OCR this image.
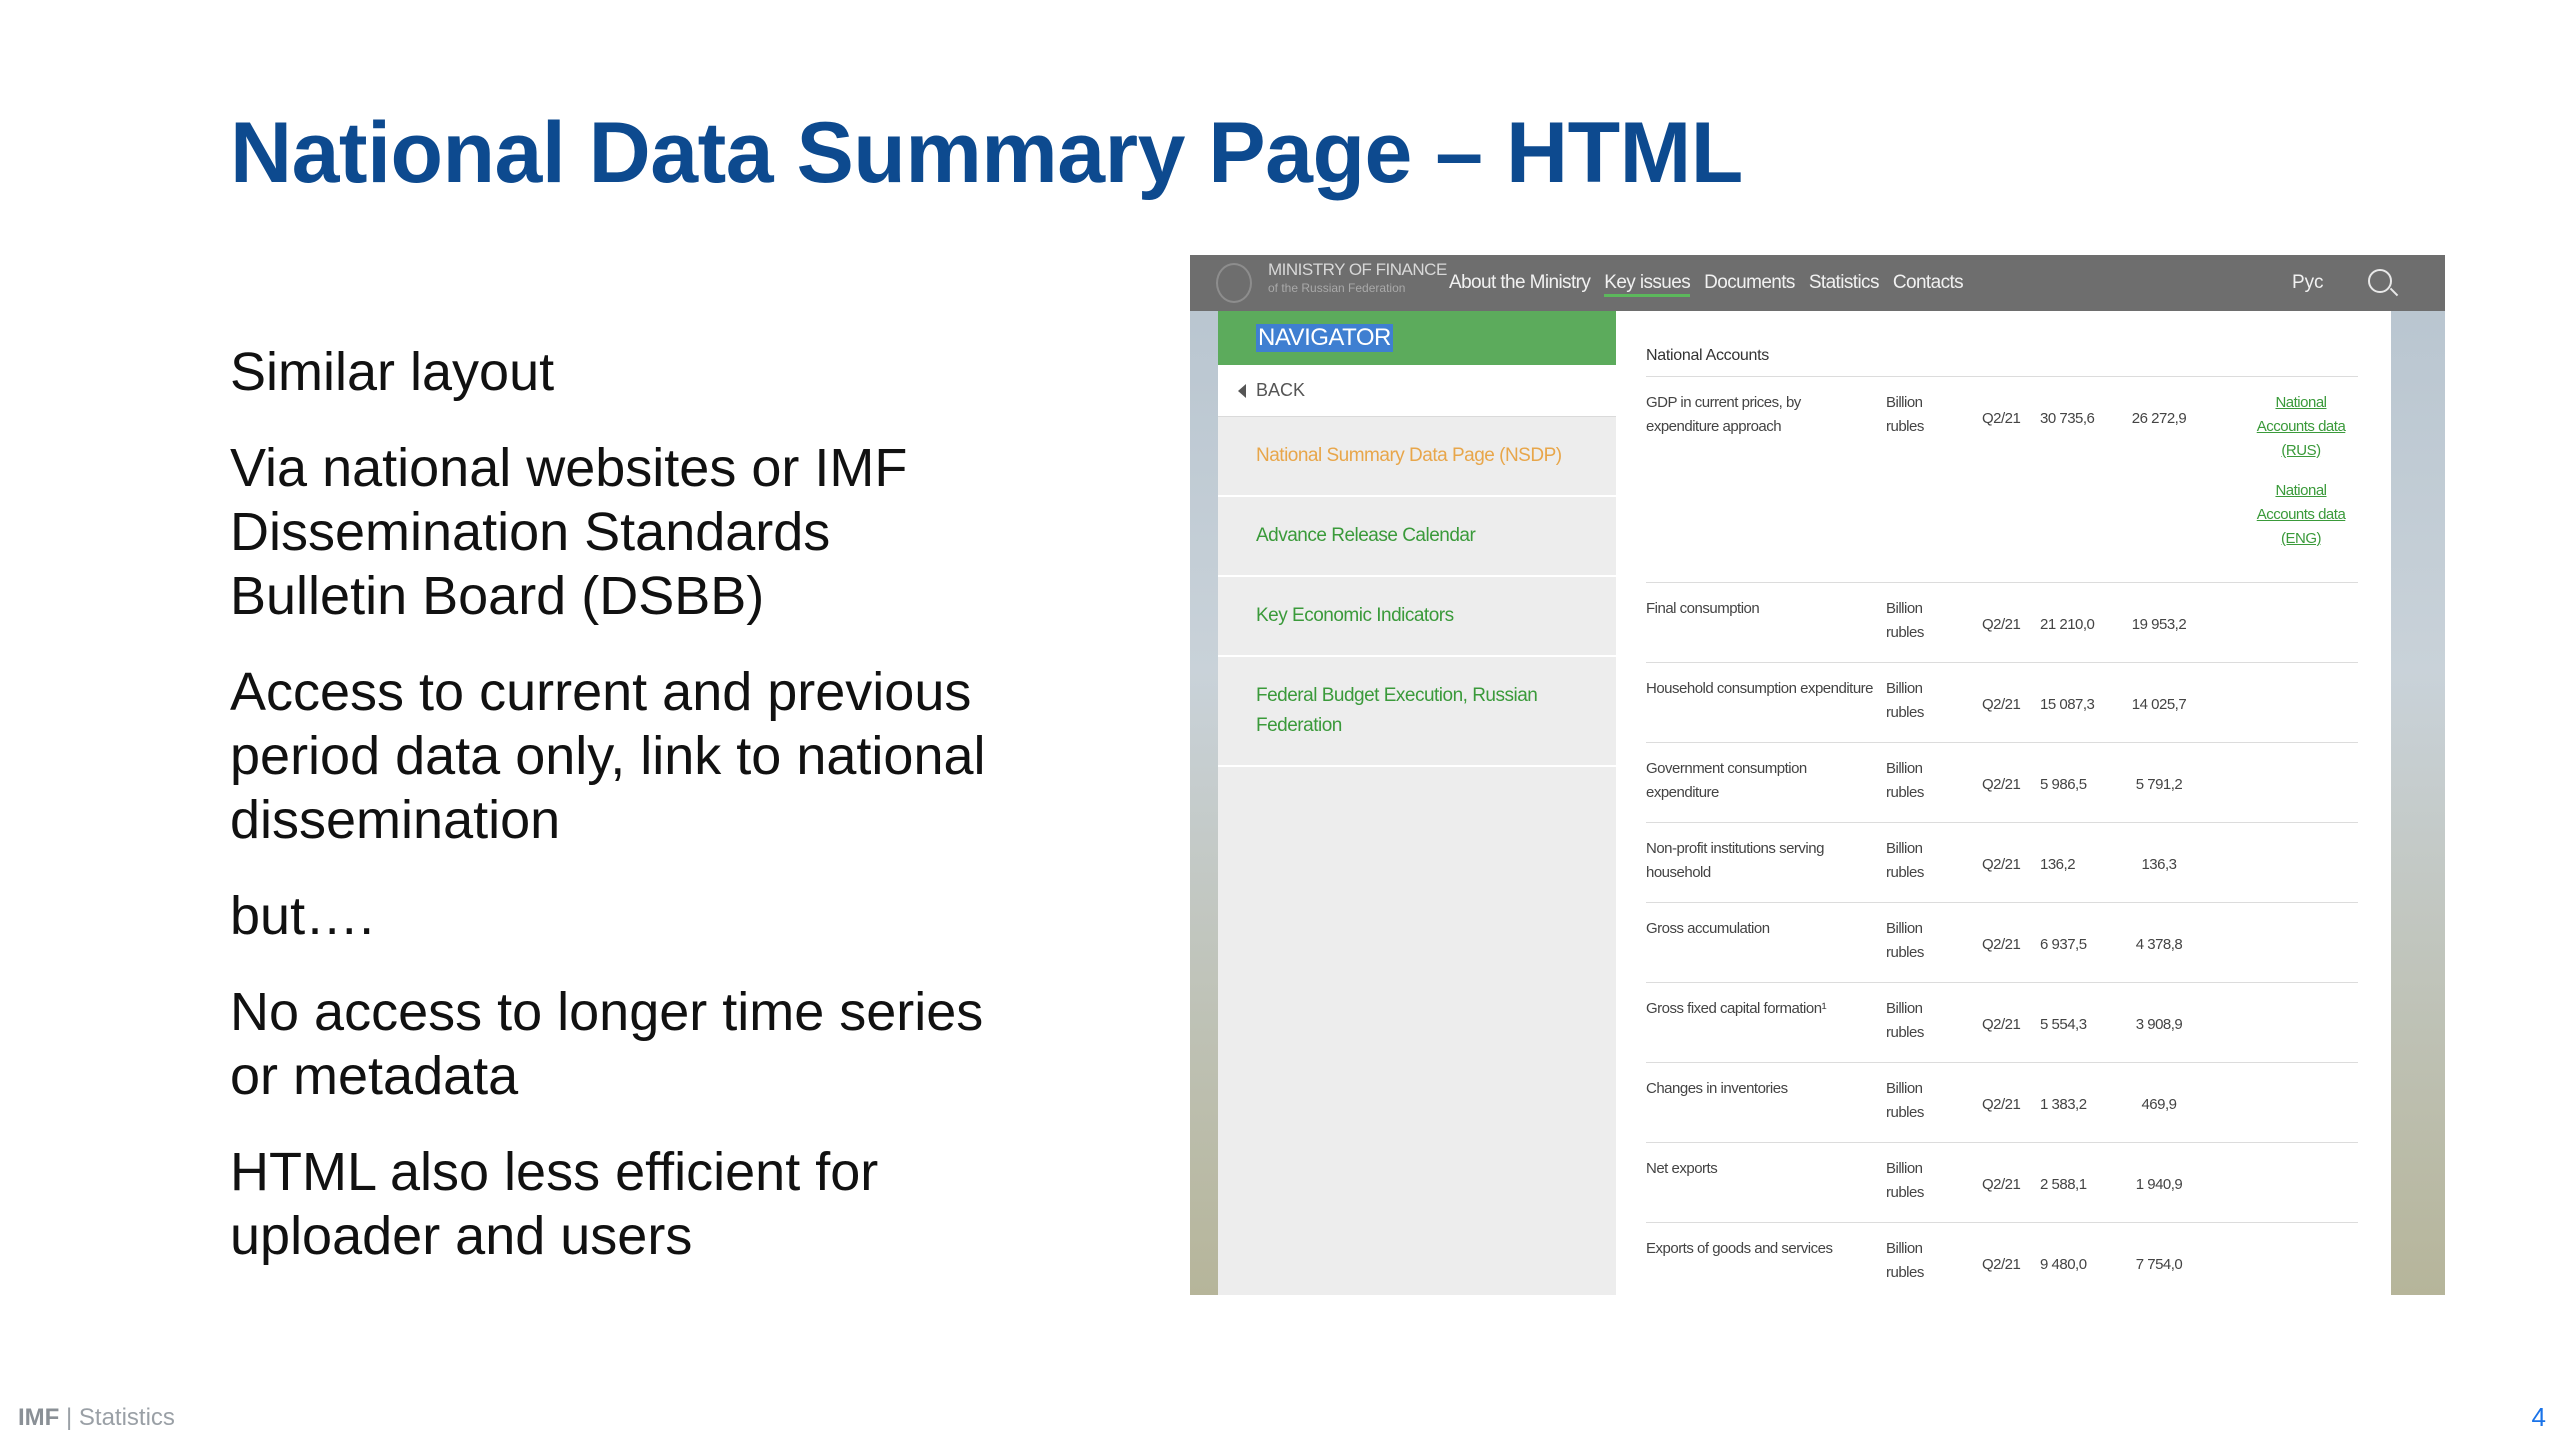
National Data Summary Page – HTML
Similar layout
Via national websites or IMF Dissemination Standards Bulletin Board (DSBB)
Access to current and previous period data only, link to national dissemination
but….
No access to longer time series or metadata
HTML also less efficient for uploader and users
IMF | Statistics	4
MINISTRY OF FINANCE
of the Russian Federation	About the Ministry Key issues Documents Statistics Contacts	Рус
NAVIGATOR
BACK
National Summary Data Page (NSDP)
Advance Release Calendar
Key Economic Indicators
Federal Budget Execution, Russian Federation
National Accounts
GDP in current prices, by expenditure approach
Billion rubles	Q2/21 30 735,6	26 272,9
National Accounts data (RUS)
National Accounts data (ENG)
Final consumption	Billion rubles	Q2/21 21 210,0	19 953,2
Household consumption expenditure Billion rubles	Q2/21 15 087,3	14 025,7
Government consumption expenditure
Billion rubles	Q2/21 5 986,5	5 791,2
Non-profit institutions serving household
Billion rubles	Q2/21 136,2	136,3
Gross accumulation	Billion rubles	Q2/21 6 937,5	4 378,8
Gross fixed capital formation¹	Billion rubles	Q2/21 5 554,3	3 908,9
Changes in inventories	Billion rubles	Q2/21 1 383,2	469,9
Net exports	Billion rubles	Q2/21 2 588,1	1 940,9
Exports of goods and services	Billion rubles	Q2/21 9 480,0	7 754,0
